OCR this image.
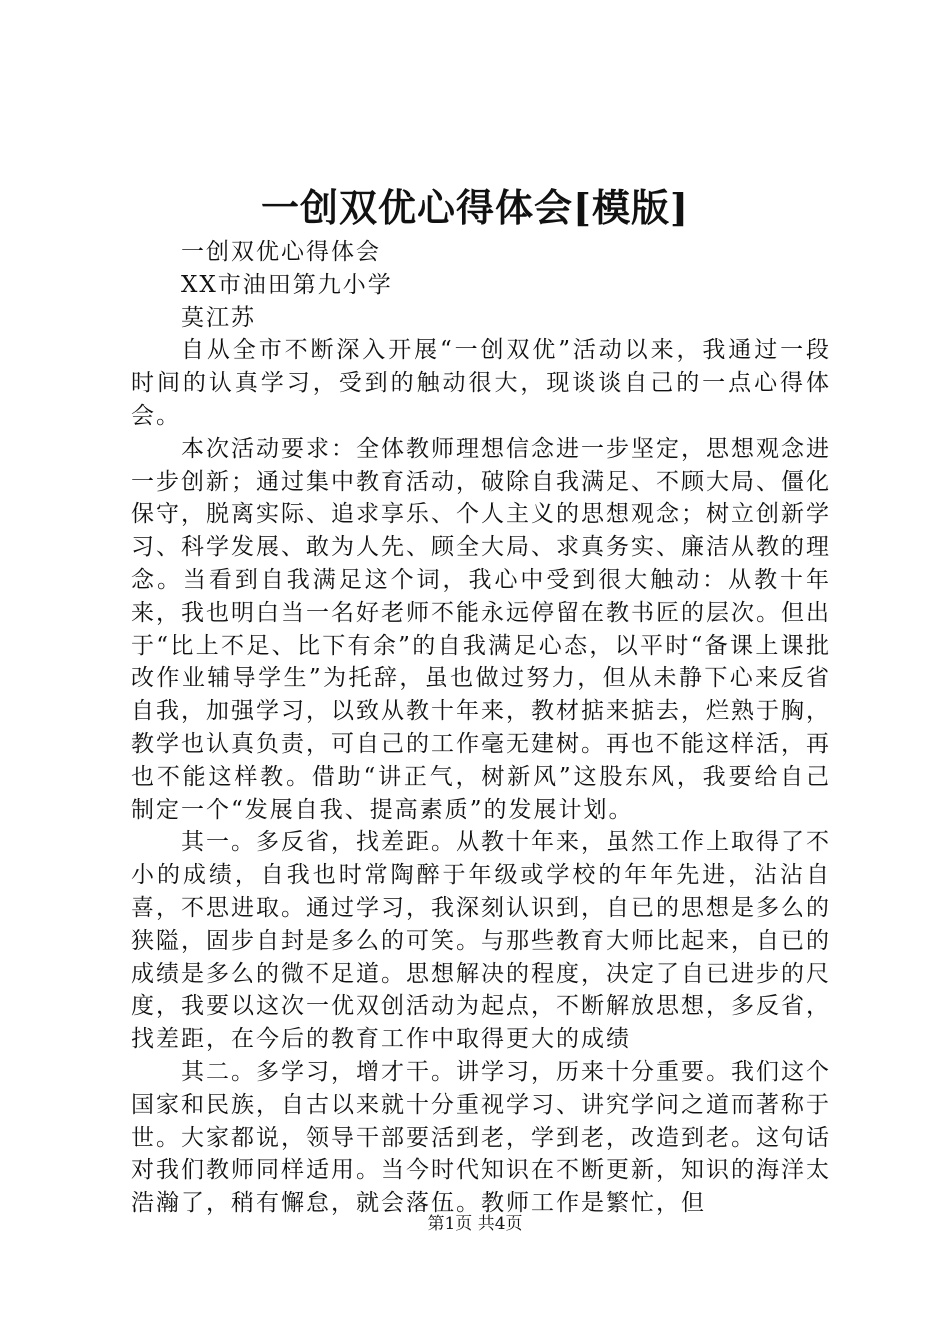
一创双优心得体会[模版]

一创双优心得体会

XX市油田第九小学

莫江苏

自从全市不断深入开展“一创双优”活动以来，我通过一段时间的认真学习，受到的触动很大，现谈谈自己的一点心得体会。

本次活动要求：全体教师理想信念进一步坚定，思想观念进一步创新；通过集中教育活动，破除自我满足、不顾大局、僵化保守，脱离实际、追求享乐、个人主义的思想观念；树立创新学习、科学发展、敢为人先、顾全大局、求真务实、廉洁从教的理念。当看到自我满足这个词，我心中受到很大触动：从教十年来，我也明白当一名好老师不能永远停留在教书匠的层次。但出于“比上不足、比下有余”的自我满足心态，以平时“备课上课批改作业辅导学生”为托辞，虽也做过努力，但从未静下心来反省自我，加强学习，以致从教十年来，教材掂来掂去，烂熟于胸，教学也认真负责，可自己的工作毫无建树。再也不能这样活，再也不能这样教。借助“讲正气，树新风”这股东风，我要给自己制定一个“发展自我、提高素质”的发展计划。

其一。多反省，找差距。从教十年来，虽然工作上取得了不小的成绩，自我也时常陶醉于年级或学校的年年先进，沾沾自喜，不思进取。通过学习，我深刻认识到，自已的思想是多么的狭隘，固步自封是多么的可笑。与那些教育大师比起来，自已的成绩是多么的微不足道。思想解决的程度，决定了自已进步的尺度，我要以这次一优双创活动为起点，不断解放思想，多反省，找差距，在今后的教育工作中取得更大的成绩

其二。多学习，增才干。讲学习，历来十分重要。我们这个国家和民族，自古以来就十分重视学习、讲究学问之道而著称于世。大家都说，领导干部要活到老，学到老，改造到老。这句话对我们教师同样适用。当今时代知识在不断更新，知识的海洋太浩瀚了，稍有懈怠，就会落伍。教师工作是繁忙，但

第1页 共4页
